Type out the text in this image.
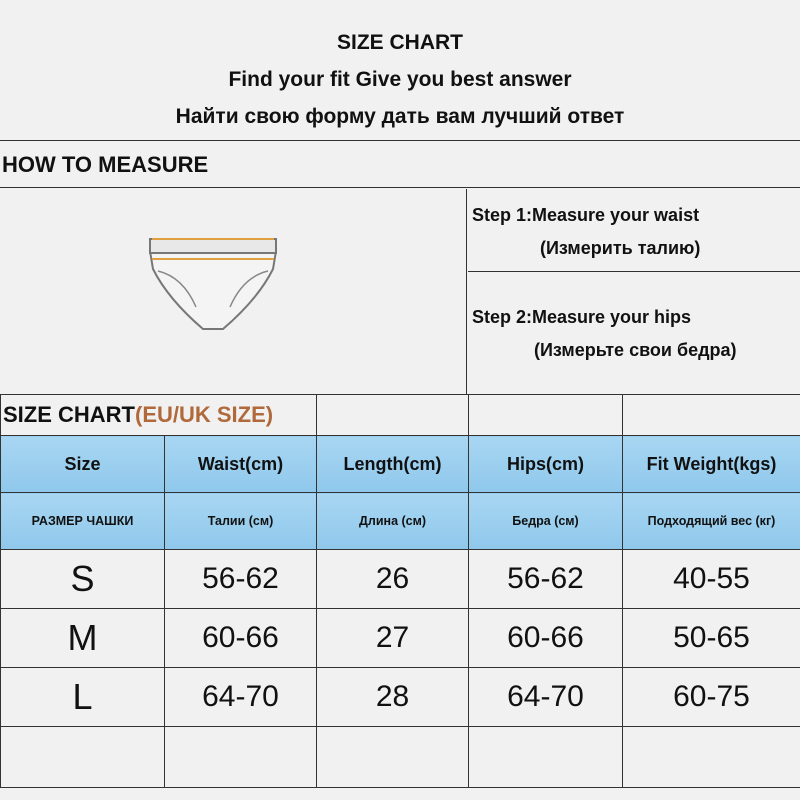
SIZE CHART
Find your fit Give you best answer
Найти свою форму дать вам лучший ответ
HOW TO MEASURE
Step 1:Measure your waist
(Измерить талию)
Step 2:Measure your hips
(Измерьте свои бедра)
SIZE CHART(EU/UK SIZE)				
Size	Waist(cm)	Length(cm)	Hips(cm)	Fit Weight(kgs)
РАЗМЕР ЧАШКИ	Талии (см)	Длина (см)	Бедра (см)	Подходящий вес (кг)
S	56-62	26	56-62	40-55
M	60-66	27	60-66	50-65
L	64-70	28	64-70	60-75
